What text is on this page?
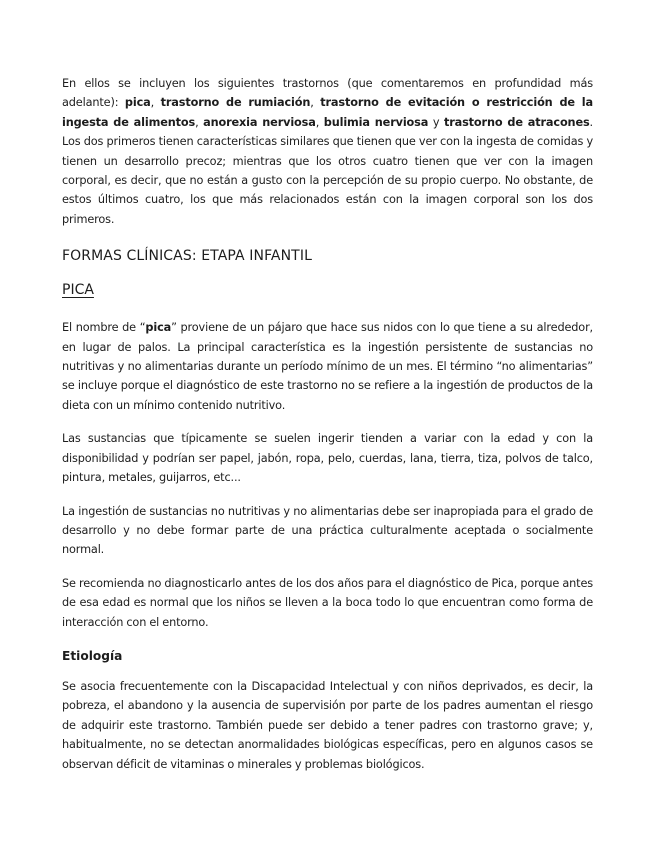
En ellos se incluyen los siguientes trastornos (que comentaremos en profundidad más adelante): pica, trastorno de rumiación, trastorno de evitación o restricción de la ingesta de alimentos, anorexia nerviosa, bulimia nerviosa y trastorno de atracones. Los dos primeros tienen características similares que tienen que ver con la ingesta de comidas y tienen un desarrollo precoz; mientras que los otros cuatro tienen que ver con la imagen corporal, es decir, que no están a gusto con la percepción de su propio cuerpo. No obstante, de estos últimos cuatro, los que más relacionados están con la imagen corporal son los dos primeros.

FORMAS CLÍNICAS: ETAPA INFANTIL
PICA

El nombre de “pica” proviene de un pájaro que hace sus nidos con lo que tiene a su alrededor, en lugar de palos. La principal característica es la ingestión persistente de sustancias no nutritivas y no alimentarias durante un período mínimo de un mes. El término “no alimentarias” se incluye porque el diagnóstico de este trastorno no se refiere a la ingestión de productos de la dieta con un mínimo contenido nutritivo.

Las sustancias que típicamente se suelen ingerir tienden a variar con la edad y con la disponibilidad y podrían ser papel, jabón, ropa, pelo, cuerdas, lana, tierra, tiza, polvos de talco, pintura, metales, guijarros, etc...

La ingestión de sustancias no nutritivas y no alimentarias debe ser inapropiada para el grado de desarrollo y no debe formar parte de una práctica culturalmente aceptada o socialmente normal.

Se recomienda no diagnosticarlo antes de los dos años para el diagnóstico de Pica, porque antes de esa edad es normal que los niños se lleven a la boca todo lo que encuentran como forma de interacción con el entorno.

Etiología

Se asocia frecuentemente con la Discapacidad Intelectual y con niños deprivados, es decir, la pobreza, el abandono y la ausencia de supervisión por parte de los padres aumentan el riesgo de adquirir este trastorno. También puede ser debido a tener padres con trastorno grave; y, habitualmente, no se detectan anormalidades biológicas específicas, pero en algunos casos se observan déficit de vitaminas o minerales y problemas biológicos.
